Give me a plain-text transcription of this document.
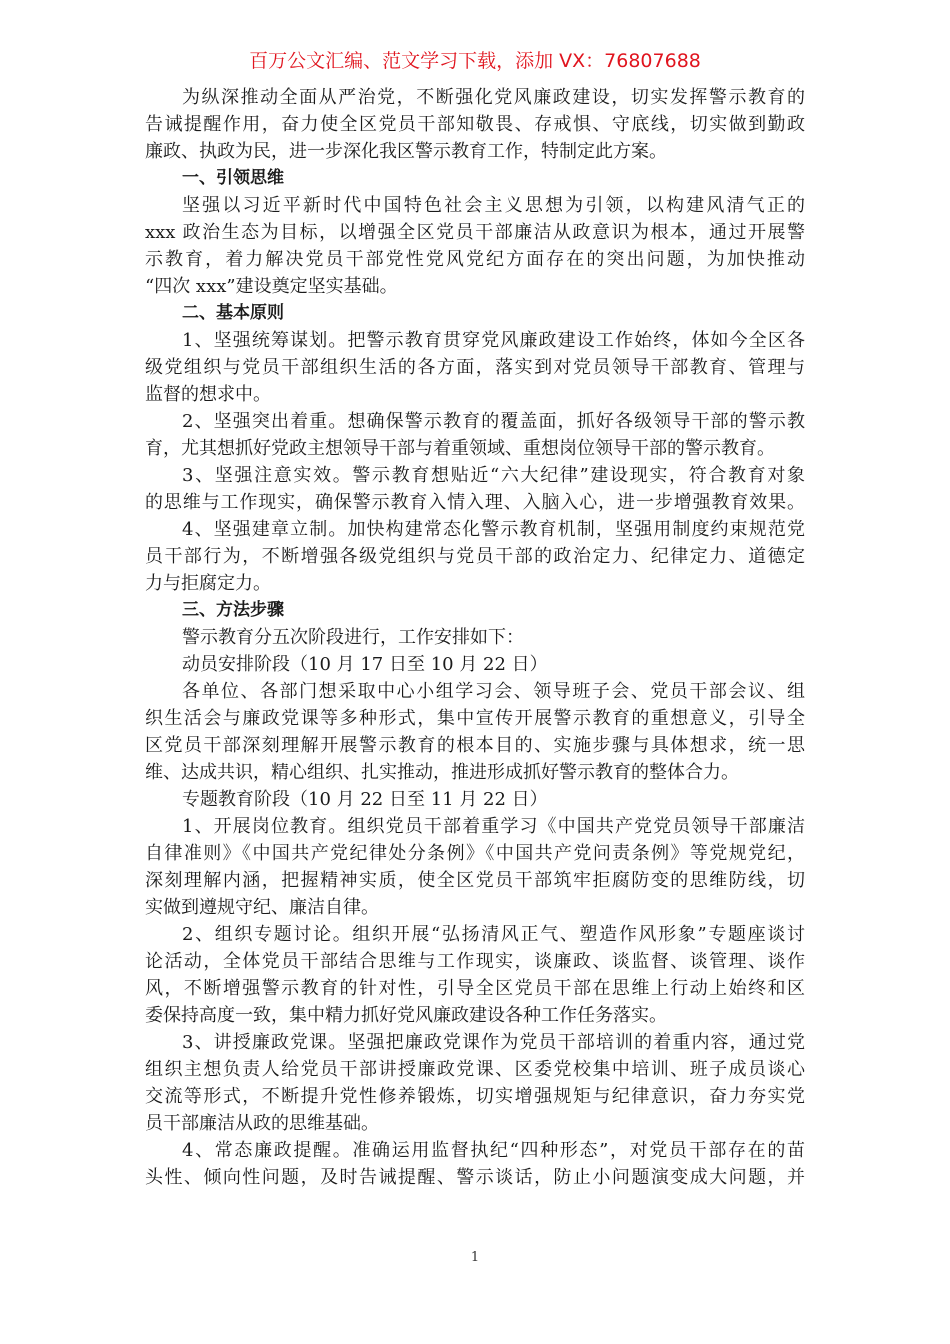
百万公文汇编、范文学习下载，添加 VX：76807688
为纵深推动全面从严治党，不断强化党风廉政建设，切实发挥警示教育的
告诫提醒作用，奋力使全区党员干部知敬畏、存戒惧、守底线，切实做到勤政
廉政、执政为民，进一步深化我区警示教育工作，特制定此方案。
一、引领思维
坚强以习近平新时代中国特色社会主义思想为引领，以构建风清气正的
xxx 政治生态为目标，以增强全区党员干部廉洁从政意识为根本，通过开展警
示教育，着力解决党员干部党性党风党纪方面存在的突出问题，为加快推动
“四次 xxx”建设奠定坚实基础。
二、基本原则
1、坚强统筹谋划。把警示教育贯穿党风廉政建设工作始终，体如今全区各
级党组织与党员干部组织生活的各方面，落实到对党员领导干部教育、管理与
监督的想求中。
2、坚强突出着重。想确保警示教育的覆盖面，抓好各级领导干部的警示教
育，尤其想抓好党政主想领导干部与着重领域、重想岗位领导干部的警示教育。
3、坚强注意实效。警示教育想贴近“六大纪律”建设现实，符合教育对象
的思维与工作现实，确保警示教育入情入理、入脑入心，进一步增强教育效果。
4、坚强建章立制。加快构建常态化警示教育机制，坚强用制度约束规范党
员干部行为，不断增强各级党组织与党员干部的政治定力、纪律定力、道德定
力与拒腐定力。
三、方法步骤
警示教育分五次阶段进行，工作安排如下：
动员安排阶段（10 月 17 日至 10 月 22 日）
各单位、各部门想采取中心小组学习会、领导班子会、党员干部会议、组
织生活会与廉政党课等多种形式，集中宣传开展警示教育的重想意义，引导全
区党员干部深刻理解开展警示教育的根本目的、实施步骤与具体想求，统一思
维、达成共识，精心组织、扎实推动，推进形成抓好警示教育的整体合力。
专题教育阶段（10 月 22 日至 11 月 22 日）
1、开展岗位教育。组织党员干部着重学习《中国共产党党员领导干部廉洁
自律准则》《中国共产党纪律处分条例》《中国共产党问责条例》等党规党纪，
深刻理解内涵，把握精神实质，使全区党员干部筑牢拒腐防变的思维防线，切
实做到遵规守纪、廉洁自律。
2、组织专题讨论。组织开展“弘扬清风正气、塑造作风形象”专题座谈讨
论活动，全体党员干部结合思维与工作现实，谈廉政、谈监督、谈管理、谈作
风，不断增强警示教育的针对性，引导全区党员干部在思维上行动上始终和区
委保持高度一致，集中精力抓好党风廉政建设各种工作任务落实。
3、讲授廉政党课。坚强把廉政党课作为党员干部培训的着重内容，通过党
组织主想负责人给党员干部讲授廉政党课、区委党校集中培训、班子成员谈心
交流等形式，不断提升党性修养锻炼，切实增强规矩与纪律意识，奋力夯实党
员干部廉洁从政的思维基础。
4、常态廉政提醒。准确运用监督执纪“四种形态”，对党员干部存在的苗
头性、倾向性问题，及时告诫提醒、警示谈话，防止小问题演变成大问题，并
1
